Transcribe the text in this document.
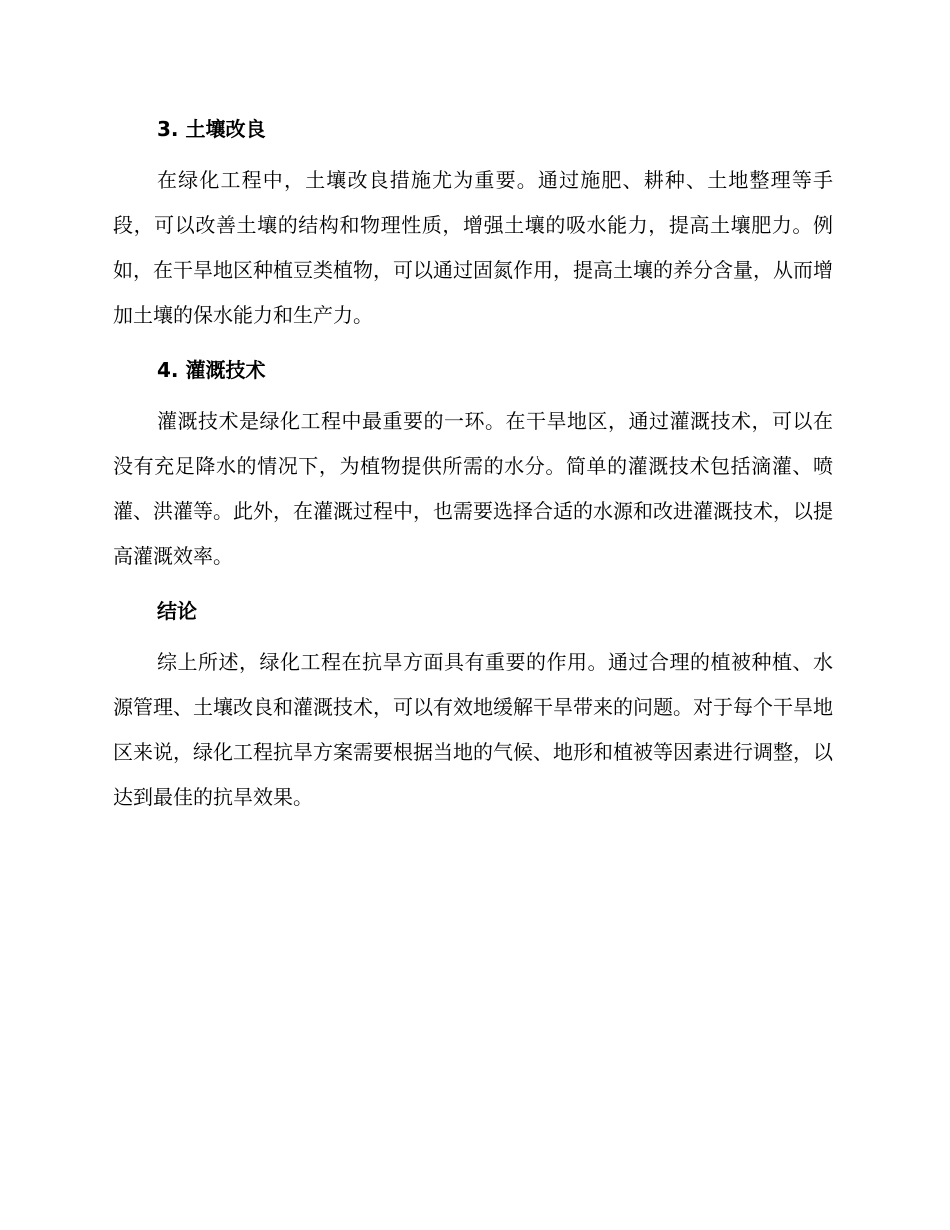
3. 土壤改良

在绿化工程中，土壤改良措施尤为重要。通过施肥、耕种、土地整理等手段，可以改善土壤的结构和物理性质，增强土壤的吸水能力，提高土壤肥力。例如，在干旱地区种植豆类植物，可以通过固氮作用，提高土壤的养分含量，从而增加土壤的保水能力和生产力。

4. 灌溉技术

灌溉技术是绿化工程中最重要的一环。在干旱地区，通过灌溉技术，可以在没有充足降水的情况下，为植物提供所需的水分。简单的灌溉技术包括滴灌、喷灌、洪灌等。此外，在灌溉过程中，也需要选择合适的水源和改进灌溉技术，以提高灌溉效率。

结论

综上所述，绿化工程在抗旱方面具有重要的作用。通过合理的植被种植、水源管理、土壤改良和灌溉技术，可以有效地缓解干旱带来的问题。对于每个干旱地区来说，绿化工程抗旱方案需要根据当地的气候、地形和植被等因素进行调整，以达到最佳的抗旱效果。
